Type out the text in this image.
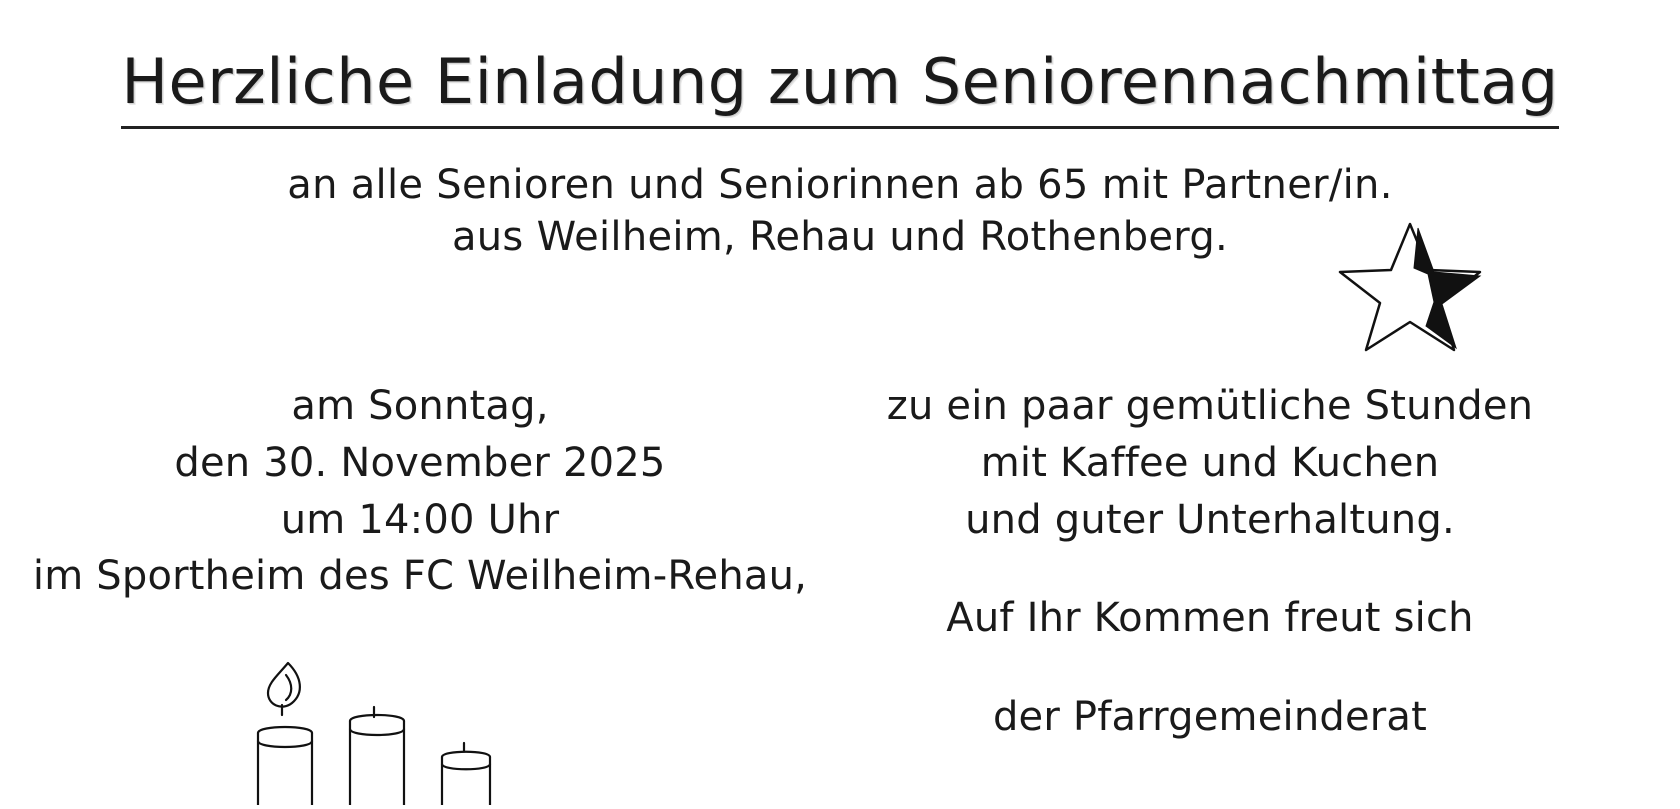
Herzliche Einladung zum Seniorennachmittag
an alle Senioren und Seniorinnen ab 65 mit Partner/in.
aus Weilheim, Rehau und Rothenberg.
am Sonntag,
den 30. November 2025
um 14:00 Uhr
im Sportheim des FC Weilheim-Rehau,
zu ein paar gemütliche Stunden
mit Kaffee und Kuchen
und guter Unterhaltung.
Auf Ihr Kommen freut sich
der Pfarrgemeinderat
